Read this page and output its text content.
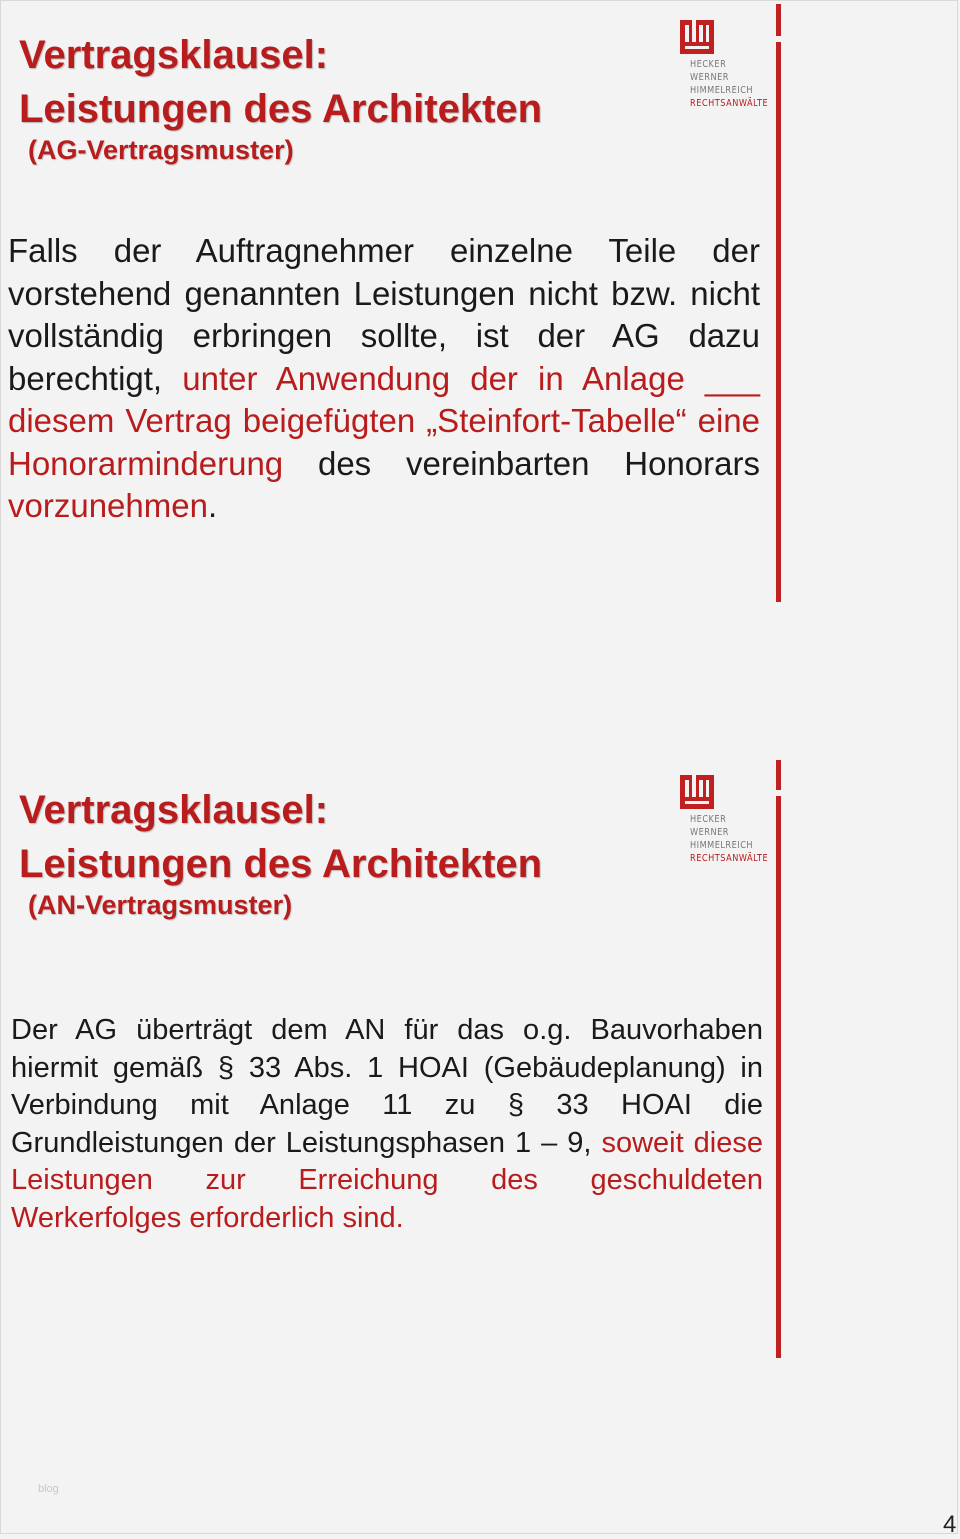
Vertragsklausel:
Leistungen des Architekten
(AG-Vertragsmuster)
HECKER
WERNER
HIMMELREICH
RECHTSANWÄLTE

Falls der Auftragnehmer einzelne Teile der vorstehend genannten Leistungen nicht bzw. nicht vollständig erbringen sollte, ist der AG dazu berechtigt, unter Anwendung der in Anlage ___ diesem Vertrag beigefügten „Steinfort-Tabelle“ eine Honorarminderung des vereinbarten Honorars vorzunehmen.

Vertragsklausel:
Leistungen des Architekten
(AN-Vertragsmuster)
HECKER
WERNER
HIMMELREICH
RECHTSANWÄLTE

Der AG überträgt dem AN für das o.g. Bauvorhaben hiermit gemäß § 33 Abs. 1 HOAI (Gebäudeplanung) in Verbindung mit Anlage 11 zu § 33 HOAI die Grundleistungen der Leistungsphasen 1 – 9, soweit diese Leistungen zur Erreichung des geschuldeten Werkerfolges erforderlich sind.

blog
4
